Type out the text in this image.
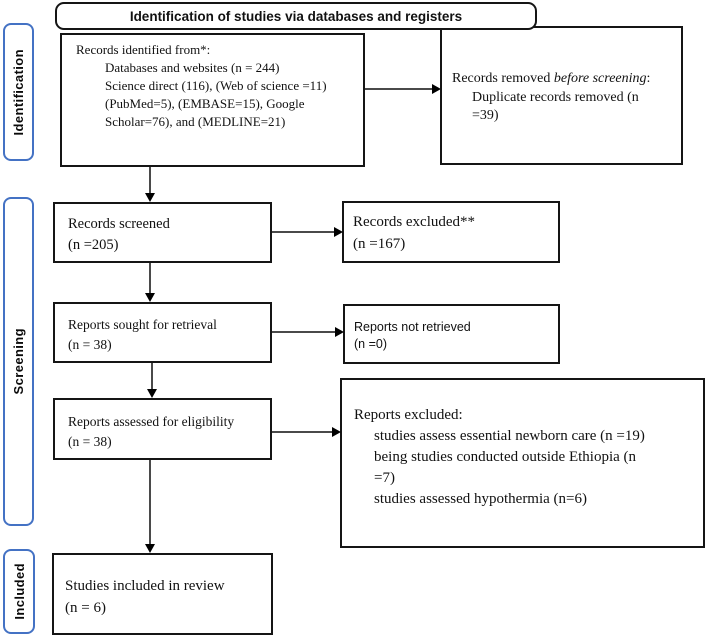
Identification of studies via databases and registers
Identification
Screening
Included
Records removed before screening:
Duplicate records removed (n
=39)
Records identified from*:
Databases and websites (n = 244)
Science direct (116), (Web of science =11)
(PubMed=5), (EMBASE=15), Google
Scholar=76), and (MEDLINE=21)
Records screened
(n =205)
Records excluded**
(n =167)
Reports sought for retrieval
(n = 38)
Reports not retrieved
(n =0)
Reports assessed for eligibility
(n = 38)
Reports excluded:
studies assess essential newborn care (n =19)
being studies conducted outside Ethiopia (n
=7)
studies assessed hypothermia (n=6)
Studies included in review
(n = 6)
